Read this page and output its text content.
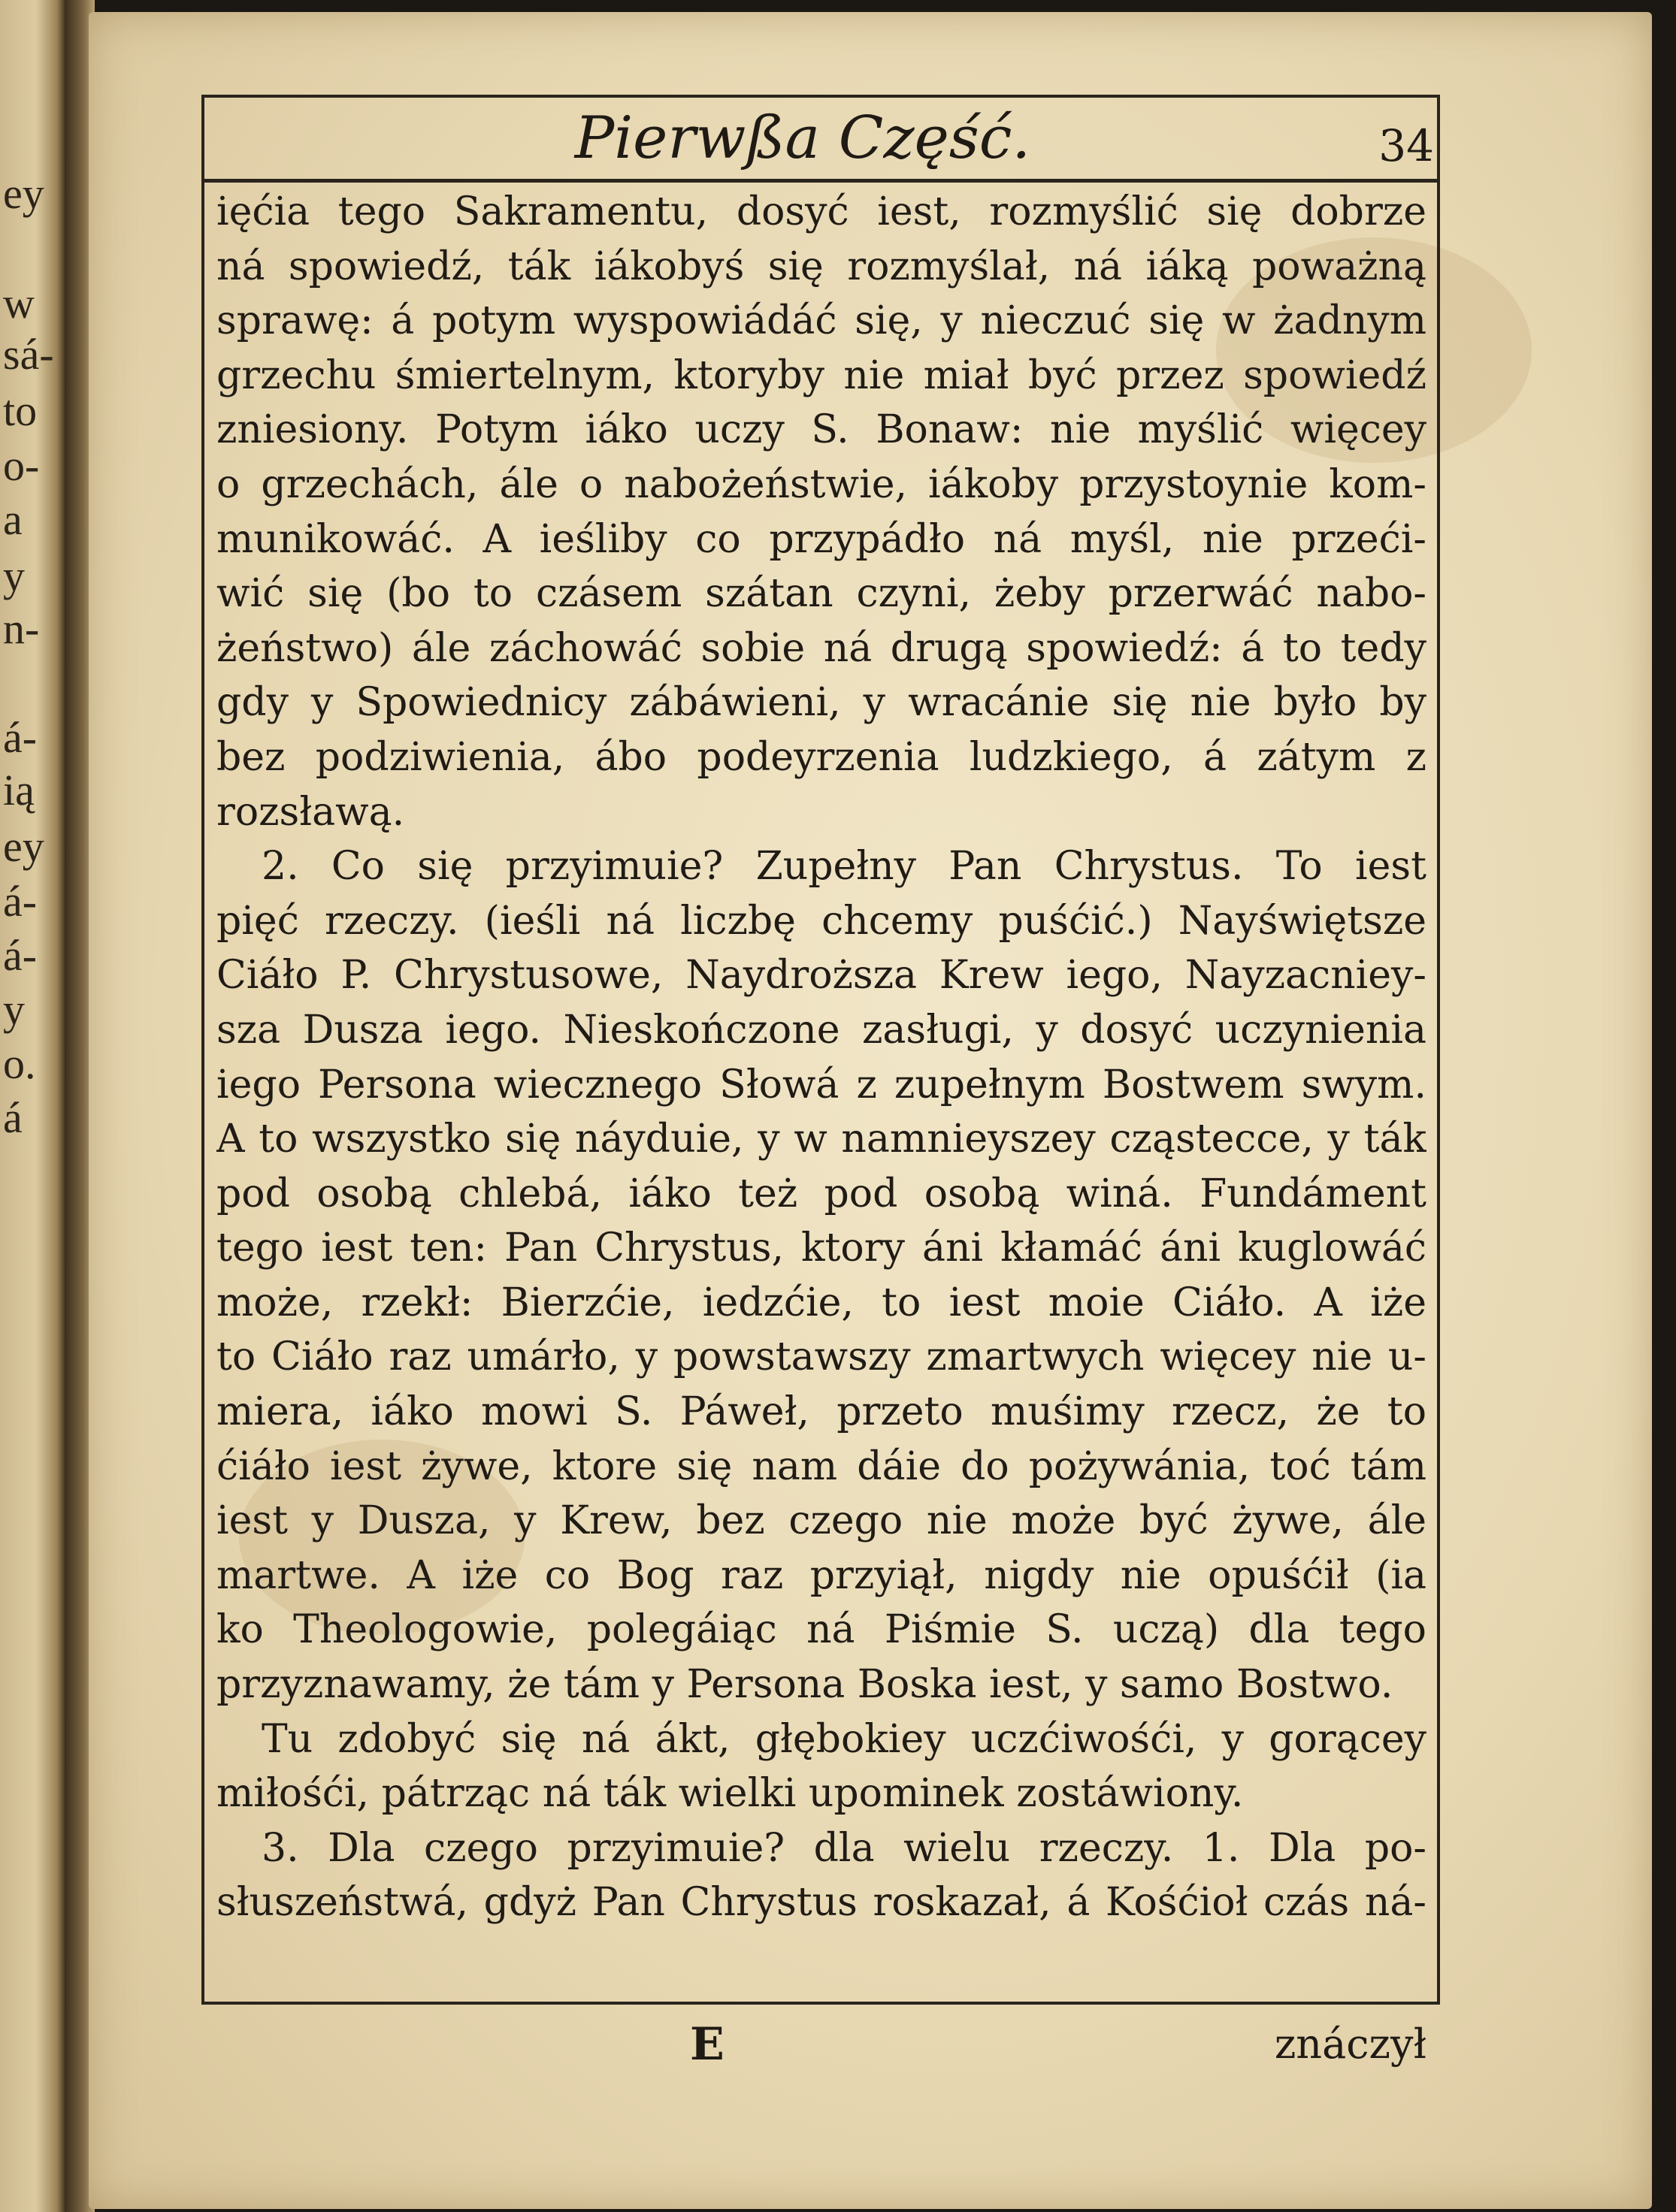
ey
w
sá-
to
o-
a
y
n-
á-
ią
ey
á-
á-
y
o.
á
Pierwßa Część.	34
ięćia tego Sakramentu, dosyć iest, rozmyślić się dobrze
ná spowiedź, ták iákobyś się rozmyślał, ná iáką poważną
sprawę: á potym wyspowiádáć się, y nieczuć się w żadnym
grzechu śmiertelnym, ktoryby nie miał być przez spowiedź
zniesiony. Potym iáko uczy S. Bonaw: nie myślić więcey
o grzechách, ále o nabożeństwie, iákoby przystoynie kom-
munikowáć. A ieśliby co przypádło ná myśl, nie przeći-
wić się (bo to czásem szátan czyni, żeby przerwáć nabo-
żeństwo) ále záchowáć sobie ná drugą spowiedź: á to tedy
gdy y Spowiednicy zábáwieni, y wracánie się nie było by
bez podziwienia, ábo podeyrzenia ludzkiego, á zátym z
rozsławą.
2. Co się przyimuie? Zupełny Pan Chrystus. To iest
pięć rzeczy. (ieśli ná liczbę chcemy puśćić.) Nayświętsze
Ciáło P. Chrystusowe, Naydroższa Krew iego, Nayzacniey-
sza Dusza iego. Nieskończone zasługi, y dosyć uczynienia
iego Persona wiecznego Słowá z zupełnym Bostwem swym.
A to wszystko się náyduie, y w namnieyszey cząstecce, y ták
pod osobą chlebá, iáko też pod osobą winá. Fundáment
tego iest ten: Pan Chrystus, ktory áni kłamáć áni kuglowáć
może, rzekł: Bierzćie, iedzćie, to iest moie Ciáło. A iże
to Ciáło raz umárło, y powstawszy zmartwych więcey nie u-
miera, iáko mowi S. Páweł, przeto muśimy rzecz, że to
ćiáło iest żywe, ktore się nam dáie do pożywánia, toć tám
iest y Dusza, y Krew, bez czego nie może być żywe, ále
martwe. A iże co Bog raz przyiął, nigdy nie opuśćił (ia
ko Theologowie, polegáiąc ná Piśmie S. uczą) dla tego
przyznawamy, że tám y Persona Boska iest, y samo Bostwo.
Tu zdobyć się ná ákt, głębokiey uczćiwośći, y gorącey
miłośći, pátrząc ná ták wielki upominek zostáwiony.
3. Dla czego przyimuie? dla wielu rzeczy. 1. Dla po-
słuszeństwá, gdyż Pan Chrystus roskazał, á Kośćioł czás ná-
E	znáczył
